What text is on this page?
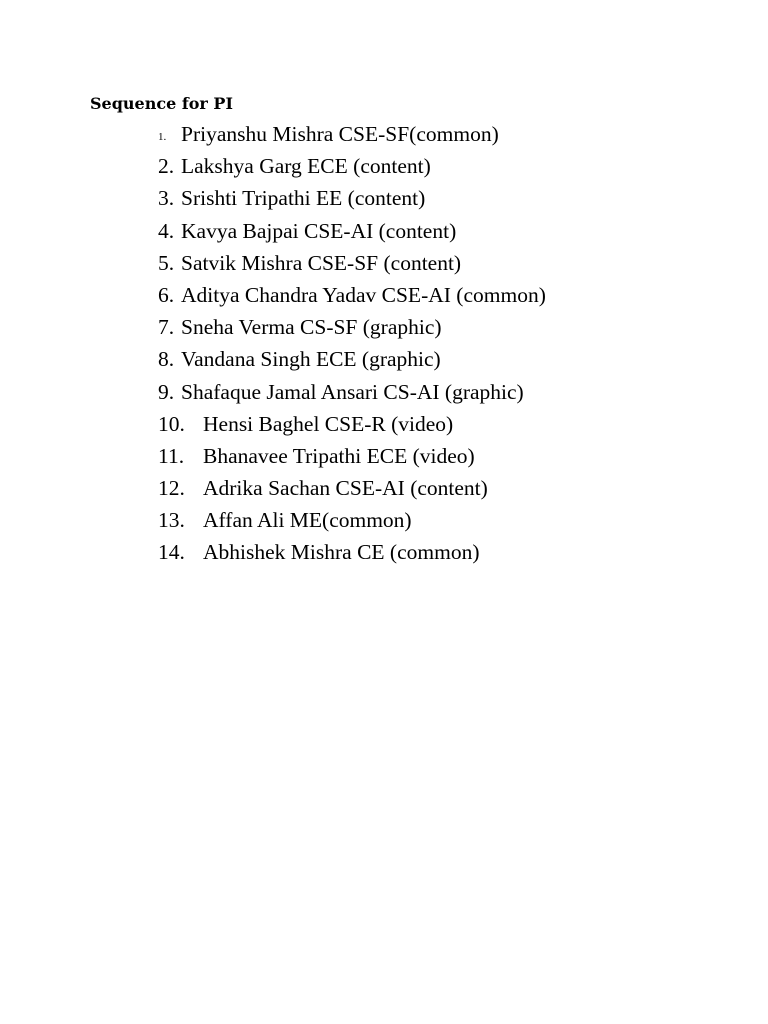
Sequence for PI
1. Priyanshu Mishra CSE-SF(common)
2. Lakshya Garg ECE (content)
3. Srishti Tripathi EE (content)
4. Kavya Bajpai CSE-AI (content)
5. Satvik Mishra CSE-SF (content)
6. Aditya Chandra Yadav CSE-AI (common)
7. Sneha Verma CS-SF (graphic)
8. Vandana Singh ECE (graphic)
9. Shafaque Jamal Ansari CS-AI (graphic)
10. Hensi Baghel CSE-R (video)
11. Bhanavee Tripathi ECE (video)
12. Adrika Sachan CSE-AI (content)
13. Affan Ali ME(common)
14. Abhishek Mishra CE (common)
